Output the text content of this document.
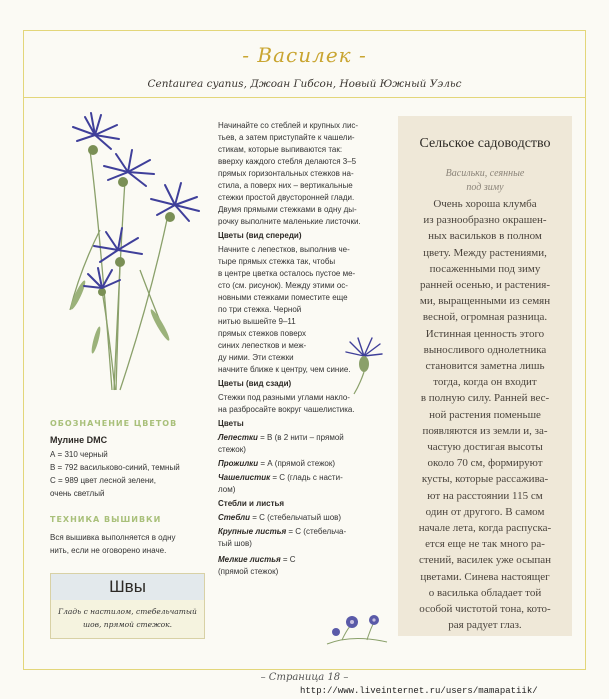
- Василек -
Centaurea cyanus, Джоан Гибсон, Новый Южный Уэльс
ОБОЗНАЧЕНИЕ ЦВЕТОВ
Мулине DMC
А = 310 черный
В = 792 васильково-синий, темный
С = 989 цвет лесной зелени,
очень светлый
ТЕХНИКА ВЫШИВКИ
Вся вышивка выполняется в одну
нить, если не оговорено иначе.
Швы
Гладь с настилом, стебельчатый
шов, прямой стежок.
Начинайте со стеблей и крупных лис-
тьев, а затем приступайте к чашели-
стикам, которые выпиваются так:
вверху каждого стебля делаются 3–5
прямых горизонтальных стежков на-
стила, а поверх них – вертикальные
стежки простой двусторонней глади.
Двумя прямыми стежками в одну ды-
рочку выполните маленькие листочки.
Цветы (вид спереди)
Начните с лепестков, выполнив че-
тыре прямых стежка так, чтобы
в центре цветка осталось пустое ме-
сто (см. рисунок). Между этими ос-
новными стежками поместите еще
по три стежка. Черной
нитью вышейте 9–11
прямых стежков поверх
синих лепестков и меж-
ду ними. Эти стежки
начните ближе к центру, чем синие.
Цветы (вид сзади)
Стежки под разными углами накло-
на разбросайте вокруг чашелистика.
Цветы
Лепестки = В (в 2 нити – прямой
стежок)
Прожилки = А (прямой стежок)
Чашелистик = С (гладь с насти-
лом)
Стебли и листья
Стебли = С (стебельчатый шов)
Крупные листья = С (стебельча-
тый шов)
Мелкие листья = С
(прямой стежок)
Сельское садоводство
Васильки, сеянные
под зиму
Очень хороша клумба
из разнообразно окрашен-
ных васильков в полном
цвету. Между растениями,
посаженными под зиму
ранней осенью, и растения-
ми, выращенными из семян
весной, огромная разница.
Истинная ценность этого
выносливого однолетника
становится заметна лишь
тогда, когда он входит
в полную силу. Ранней вес-
ной растения поменьше
появляются из земли и, за-
частую достигая высоты
около 70 см, формируют
кусты, которые рассажива-
ют на расстоянии 115 см
один от другого. В самом
начале лета, когда распуска-
ется еще не так много ра-
стений, василек уже осыпан
цветами. Синева настоящег
о василька обладает той
особой чистотой тона, кото-
рая радует глаз.
– Страница 18 –
http://www.liveinternet.ru/users/mamapatiik/
